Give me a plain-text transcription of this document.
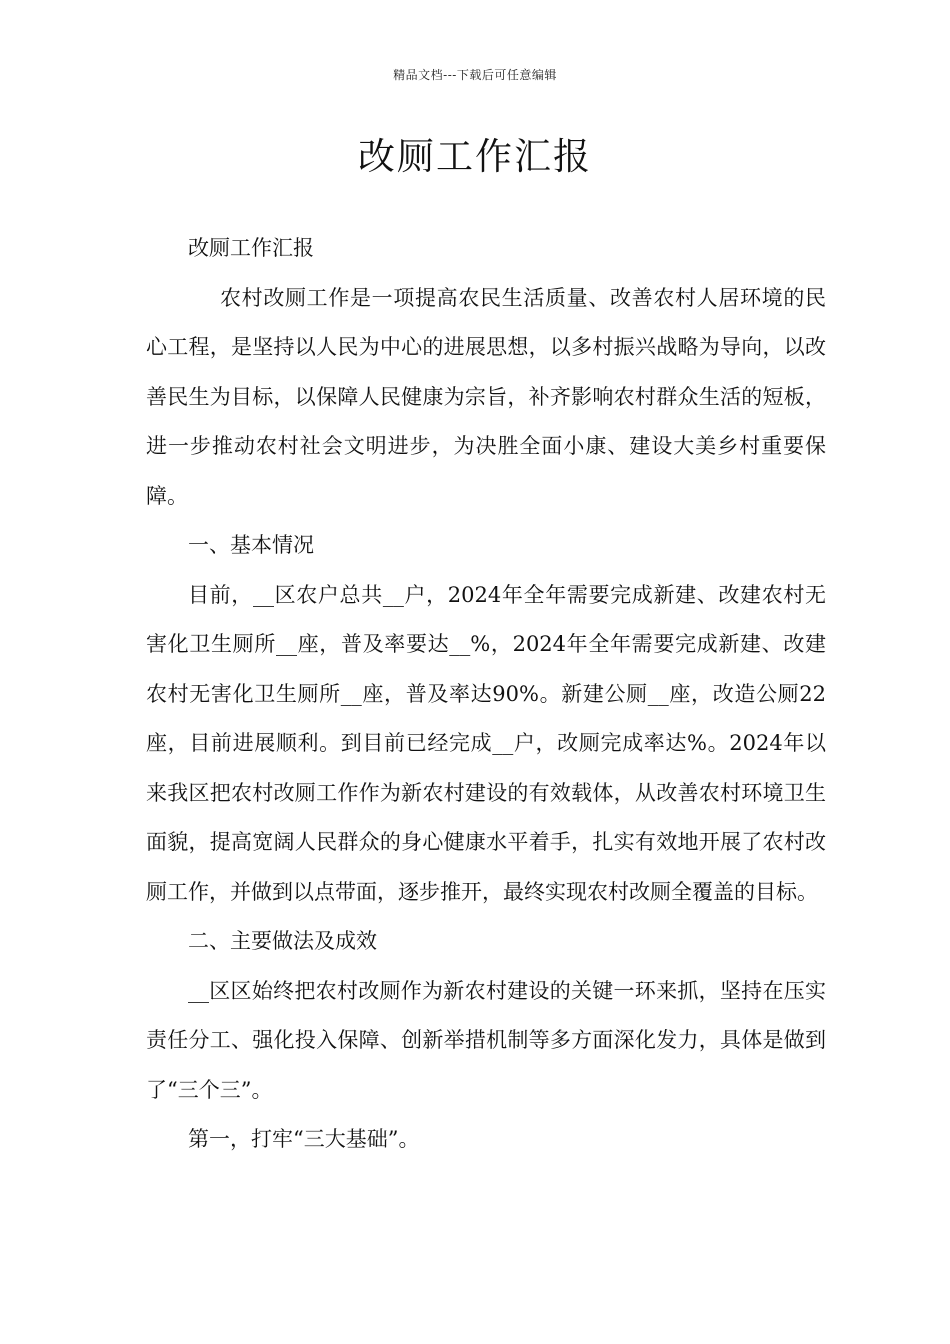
精品文档---下载后可任意编辑
改厕工作汇报

改厕工作汇报

农村改厕工作是一项提高农民生活质量、改善农村人居环境的民心工程，是坚持以人民为中心的进展思想，以多村振兴战略为导向，以改善民生为目标，以保障人民健康为宗旨，补齐影响农村群众生活的短板，进一步推动农村社会文明进步，为决胜全面小康、建设大美乡村重要保障。

一、基本情况

目前，__区农户总共__户，2024年全年需要完成新建、改建农村无害化卫生厕所__座，普及率要达__%，2024年全年需要完成新建、改建农村无害化卫生厕所__座，普及率达90%。新建公厕__座，改造公厕22座，目前进展顺利。到目前已经完成__户，改厕完成率达%。2024年以来我区把农村改厕工作作为新农村建设的有效载体，从改善农村环境卫生面貌，提高宽阔人民群众的身心健康水平着手，扎实有效地开展了农村改厕工作，并做到以点带面，逐步推开，最终实现农村改厕全覆盖的目标。

二、主要做法及成效

__区区始终把农村改厕作为新农村建设的关键一环来抓，坚持在压实责任分工、强化投入保障、创新举措机制等多方面深化发力，具体是做到了“三个三”。

第一，打牢“三大基础”。
